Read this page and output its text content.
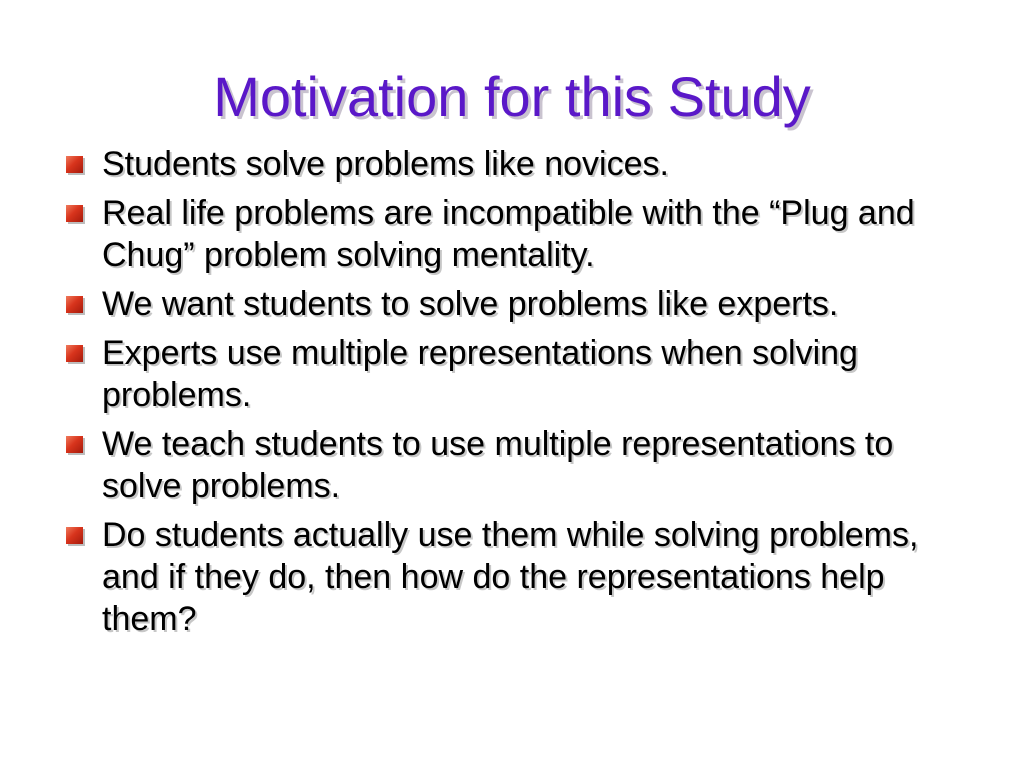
Motivation for this Study
Students solve problems like novices.
Real life problems are incompatible with the “Plug and Chug” problem solving mentality.
We want students to solve problems like experts.
Experts use multiple representations when solving problems.
We teach students to use multiple representations to solve problems.
Do students actually use them while solving problems, and if they do, then how do the representations help them?
